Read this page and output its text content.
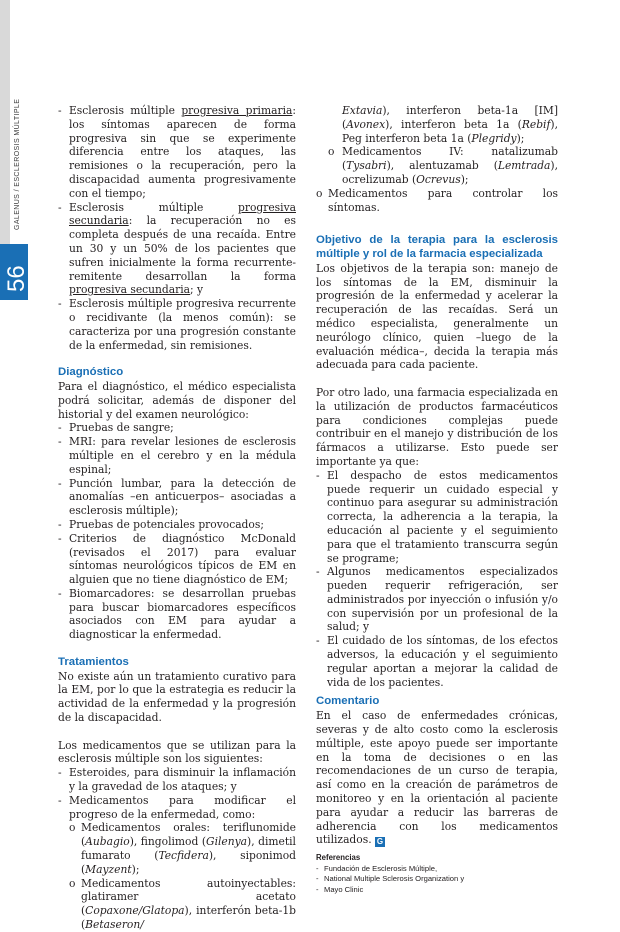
GALENUS / ESCLEROSIS MÚLTIPLE
56
- Esclerosis múltiple progresiva primaria: los síntomas aparecen de forma progresiva sin que se experimente diferencia entre los ataques, las remisiones o la recuperación, pero la discapacidad aumenta progresivamente con el tiempo;
- Esclerosis múltiple progresiva secundaria: la recuperación no es completa después de una recaída. Entre un 30 y un 50% de los pacientes que sufren inicialmente la forma recurrente-remitente desarrollan la forma progresiva secundaria; y
- Esclerosis múltiple progresiva recurrente o recidivante (la menos común): se caracteriza por una progresión constante de la enfermedad, sin remisiones.
Diagnóstico

Para el diagnóstico, el médico especialista podrá solicitar, además de disponer del historial y del examen neurológico:

- Pruebas de sangre;
- MRI: para revelar lesiones de esclerosis múltiple en el cerebro y en la médula espinal;
- Punción lumbar, para la detección de anomalías –en anticuerpos– asociadas a esclerosis múltiple);
- Pruebas de potenciales provocados;
- Criterios de diagnóstico McDonald (revisados el 2017) para evaluar síntomas neurológicos típicos de EM en alguien que no tiene diagnóstico de EM;
- Biomarcadores: se desarrollan pruebas para buscar biomarcadores específicos asociados con EM para ayudar a diagnosticar la enfermedad.
Tratamientos

No existe aún un tratamiento curativo para la EM, por lo que la estrategia es reducir la actividad de la enfermedad y la progresión de la discapacidad.

Los medicamentos que se utilizan para la esclerosis múltiple son los siguientes:

- Esteroides, para disminuir la inflamación y la gravedad de los ataques; y
- Medicamentos para modificar el progreso de la enfermedad, como:
o Medicamentos orales: teriflunomide (Aubagio), fingolimod (Gilenya), dimetil fumarato (Tecfidera), siponimod (Mayzent);
o Medicamentos autoinyectables: glatiramer acetato (Copaxone/Glatopa), interferón beta-1b (Betaseron/
Extavia), interferon beta-1a [IM] (Avonex), interferon beta 1a (Rebif), Peg interferon beta 1a (Plegridy);
o Medicamentos IV: natalizumab (Tysabri), alentuzamab (Lemtrada), ocrelizumab (Ocrevus);
o Medicamentos para controlar los síntomas.
Objetivo de la terapia para la esclerosis múltiple y rol de la farmacia especializada

Los objetivos de la terapia son: manejo de los síntomas de la EM, disminuir la progresión de la enfermedad y acelerar la recuperación de las recaídas. Será un médico especialista, generalmente un neurólogo clínico, quien –luego de la evaluación médica–, decida la terapia más adecuada para cada paciente.

Por otro lado, una farmacia especializada en la utilización de productos farmacéuticos para condiciones complejas puede contribuir en el manejo y distribución de los fármacos a utilizarse. Esto puede ser importante ya que:

- El despacho de estos medicamentos puede requerir un cuidado especial y continuo para asegurar su administración correcta, la adherencia a la terapia, la educación al paciente y el seguimiento para que el tratamiento transcurra según se programe;
- Algunos medicamentos especializados pueden requerir refrigeración, ser administrados por inyección o infusión y/o con supervisión por un profesional de la salud; y
- El cuidado de los síntomas, de los efectos adversos, la educación y el seguimiento regular aportan a mejorar la calidad de vida de los pacientes.
Comentario

En el caso de enfermedades crónicas, severas y de alto costo como la esclerosis múltiple, este apoyo puede ser importante en la toma de decisiones o en las recomendaciones de un curso de terapia, así como en la creación de parámetros de monitoreo y en la orientación al paciente para ayudar a reducir las barreras de adherencia con los medicamentos utilizados. G

Referencias
- Fundación de Esclerosis Múltiple,
- National Multiple Sclerosis Organization y
- Mayo Clinic
